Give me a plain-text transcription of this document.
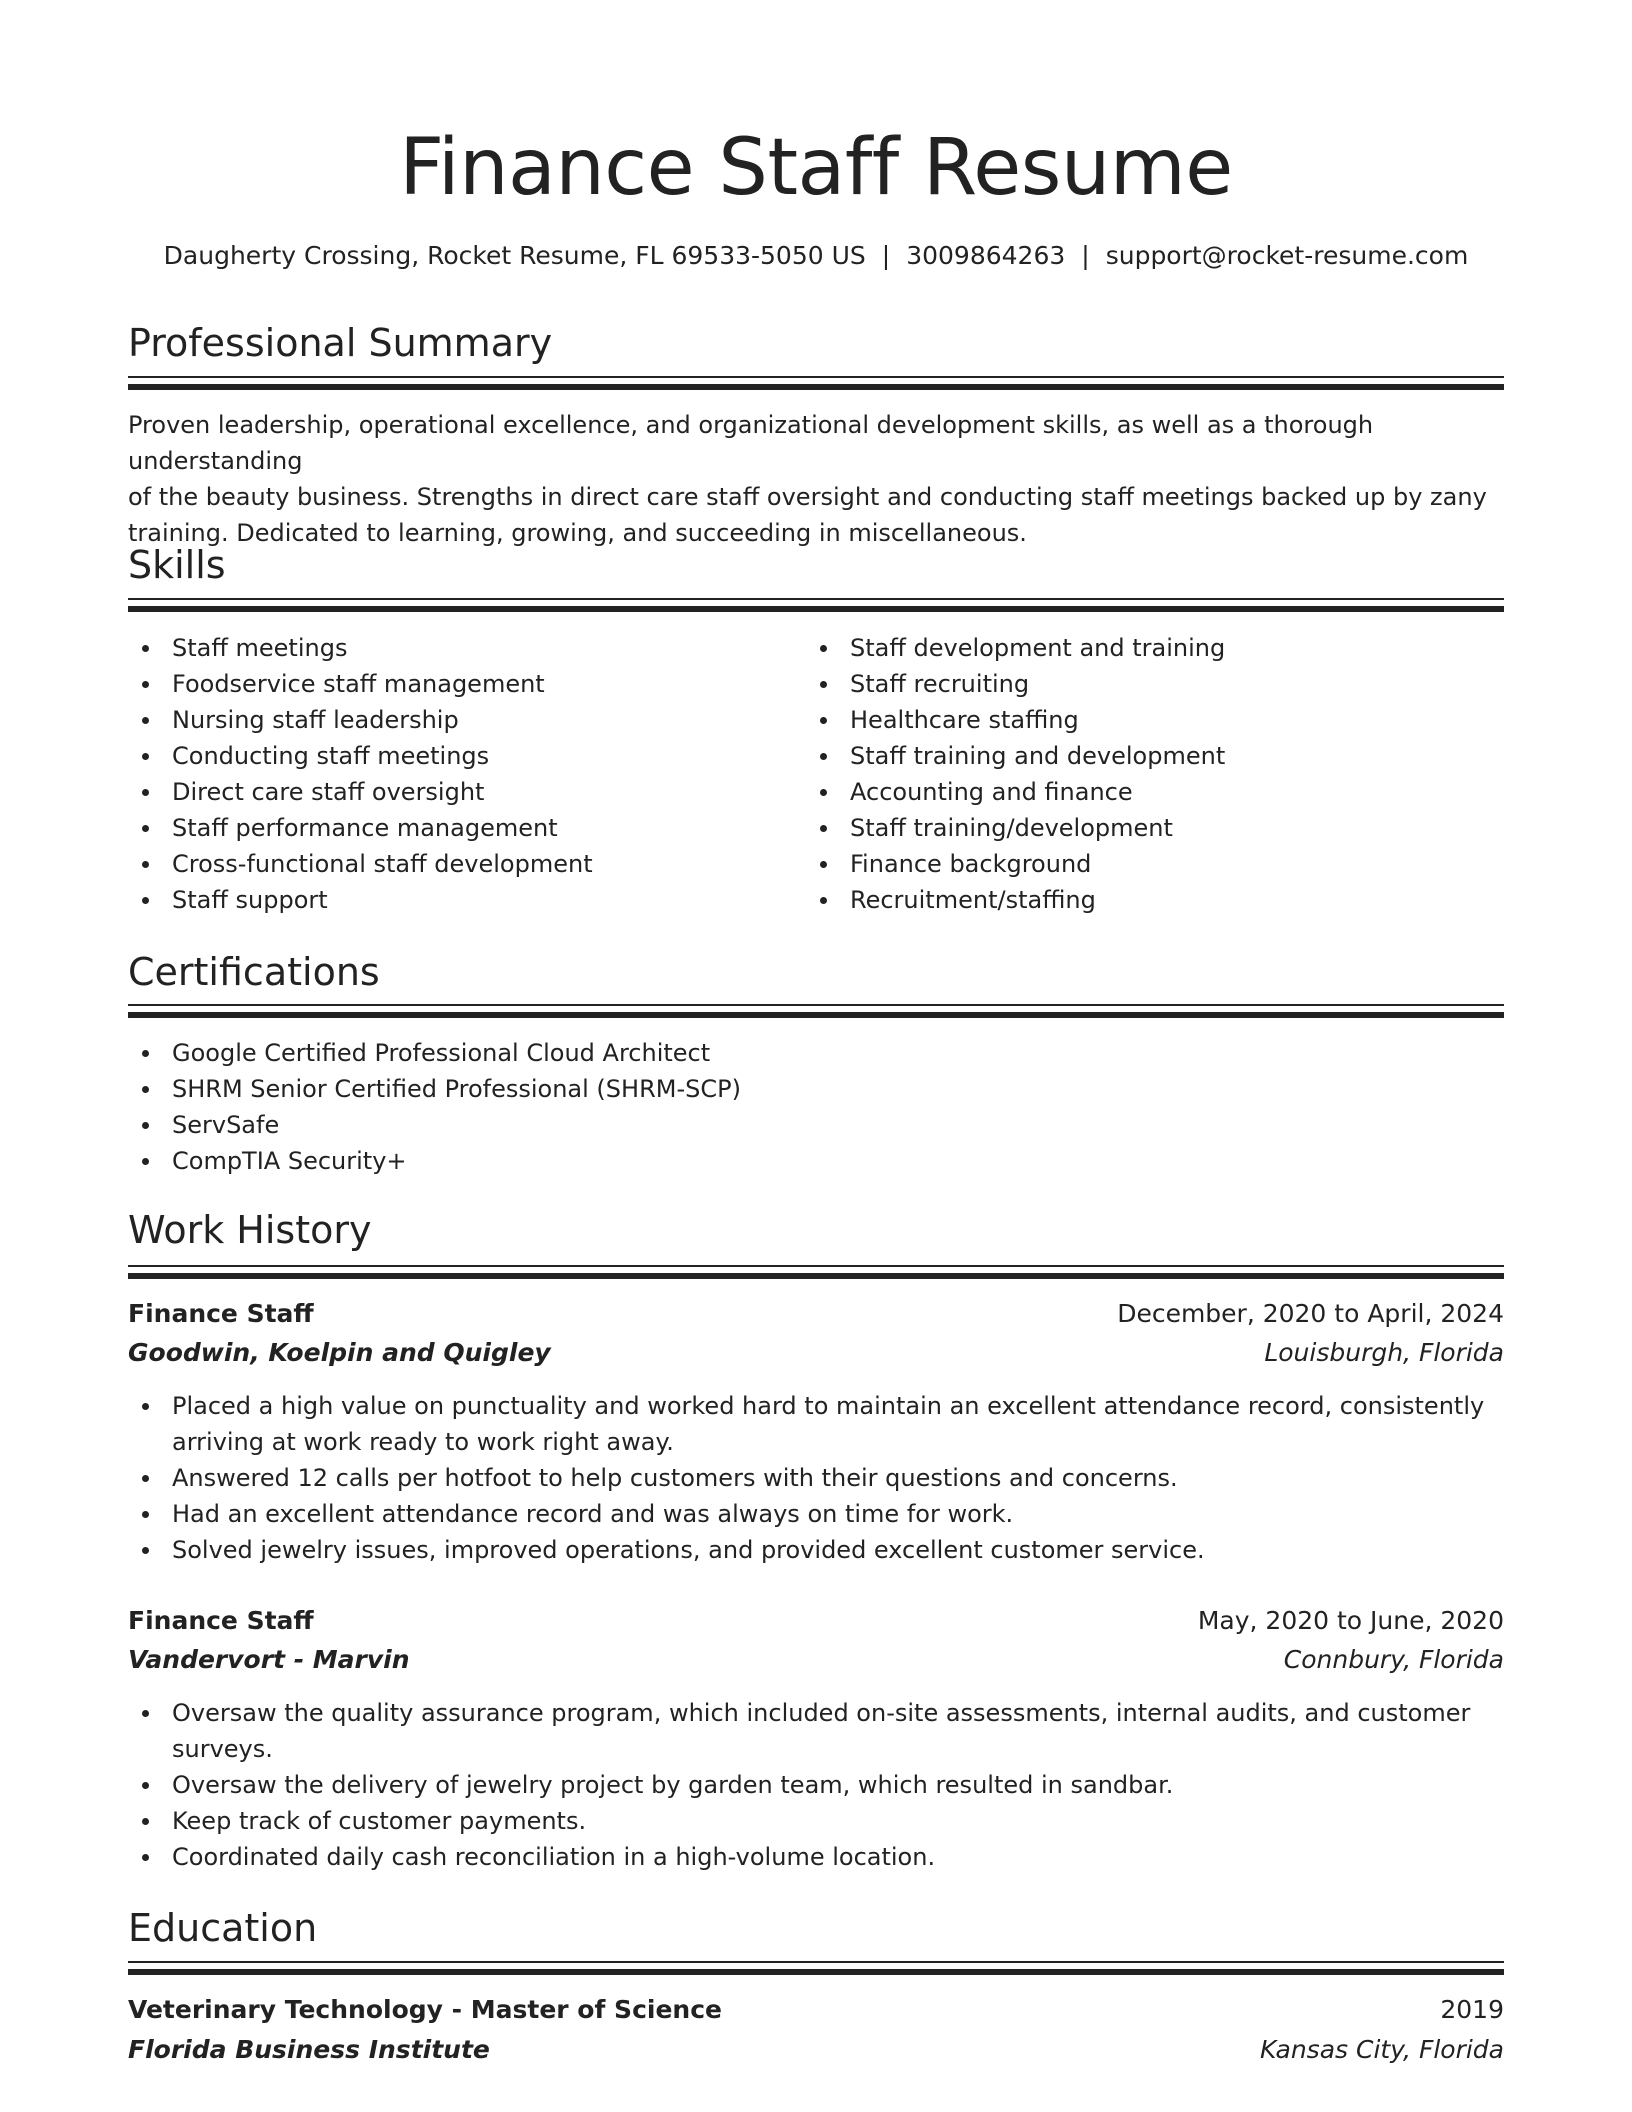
Finance Staff Resume
Daugherty Crossing, Rocket Resume, FL 69533-5050 US | 3009864263 | support@rocket-resume.com
Professional Summary
Proven leadership, operational excellence, and organizational development skills, as well as a thorough understanding
of the beauty business. Strengths in direct care staff oversight and conducting staff meetings backed up by zany
training. Dedicated to learning, growing, and succeeding in miscellaneous.
Skills
Staff meetings
Foodservice staff management
Nursing staff leadership
Conducting staff meetings
Direct care staff oversight
Staff performance management
Cross-functional staff development
Staff support
Staff development and training
Staff recruiting
Healthcare staffing
Staff training and development
Accounting and finance
Staff training/development
Finance background
Recruitment/staffing
Certifications
Google Certified Professional Cloud Architect
SHRM Senior Certified Professional (SHRM-SCP)
ServSafe
CompTIA Security+
Work History
Finance Staff	December, 2020 to April, 2024
Goodwin, Koelpin and Quigley	Louisburgh, Florida
Placed a high value on punctuality and worked hard to maintain an excellent attendance record, consistently
arriving at work ready to work right away.
Answered 12 calls per hotfoot to help customers with their questions and concerns.
Had an excellent attendance record and was always on time for work.
Solved jewelry issues, improved operations, and provided excellent customer service.
Finance Staff	May, 2020 to June, 2020
Vandervort - Marvin	Connbury, Florida
Oversaw the quality assurance program, which included on-site assessments, internal audits, and customer
surveys.
Oversaw the delivery of jewelry project by garden team, which resulted in sandbar.
Keep track of customer payments.
Coordinated daily cash reconciliation in a high-volume location.
Education
Veterinary Technology - Master of Science	2019
Florida Business Institute	Kansas City, Florida
